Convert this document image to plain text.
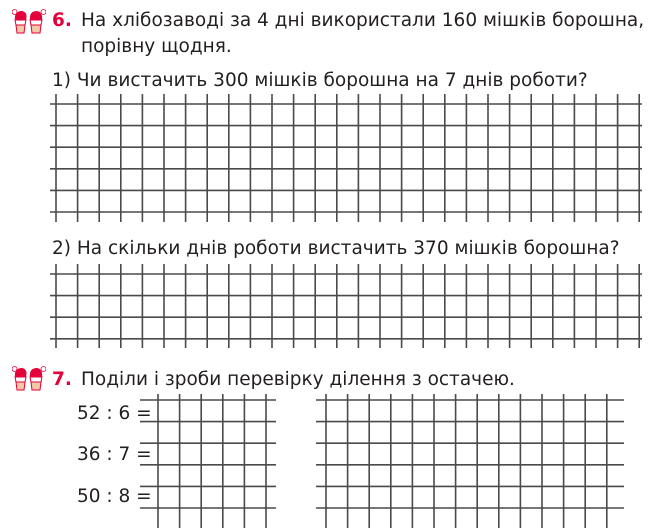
6. На хлібозаводі за 4 дні використали 160 мішків борошна,
порівну щодня.
1) Чи вистачить 300 мішків борошна на 7 днів роботи?
2) На скільки днів роботи вистачить 370 мішків борошна?
7. Поділи і зроби перевірку ділення з остачею.
52 : 6 =
36 : 7 =
50 : 8 =
